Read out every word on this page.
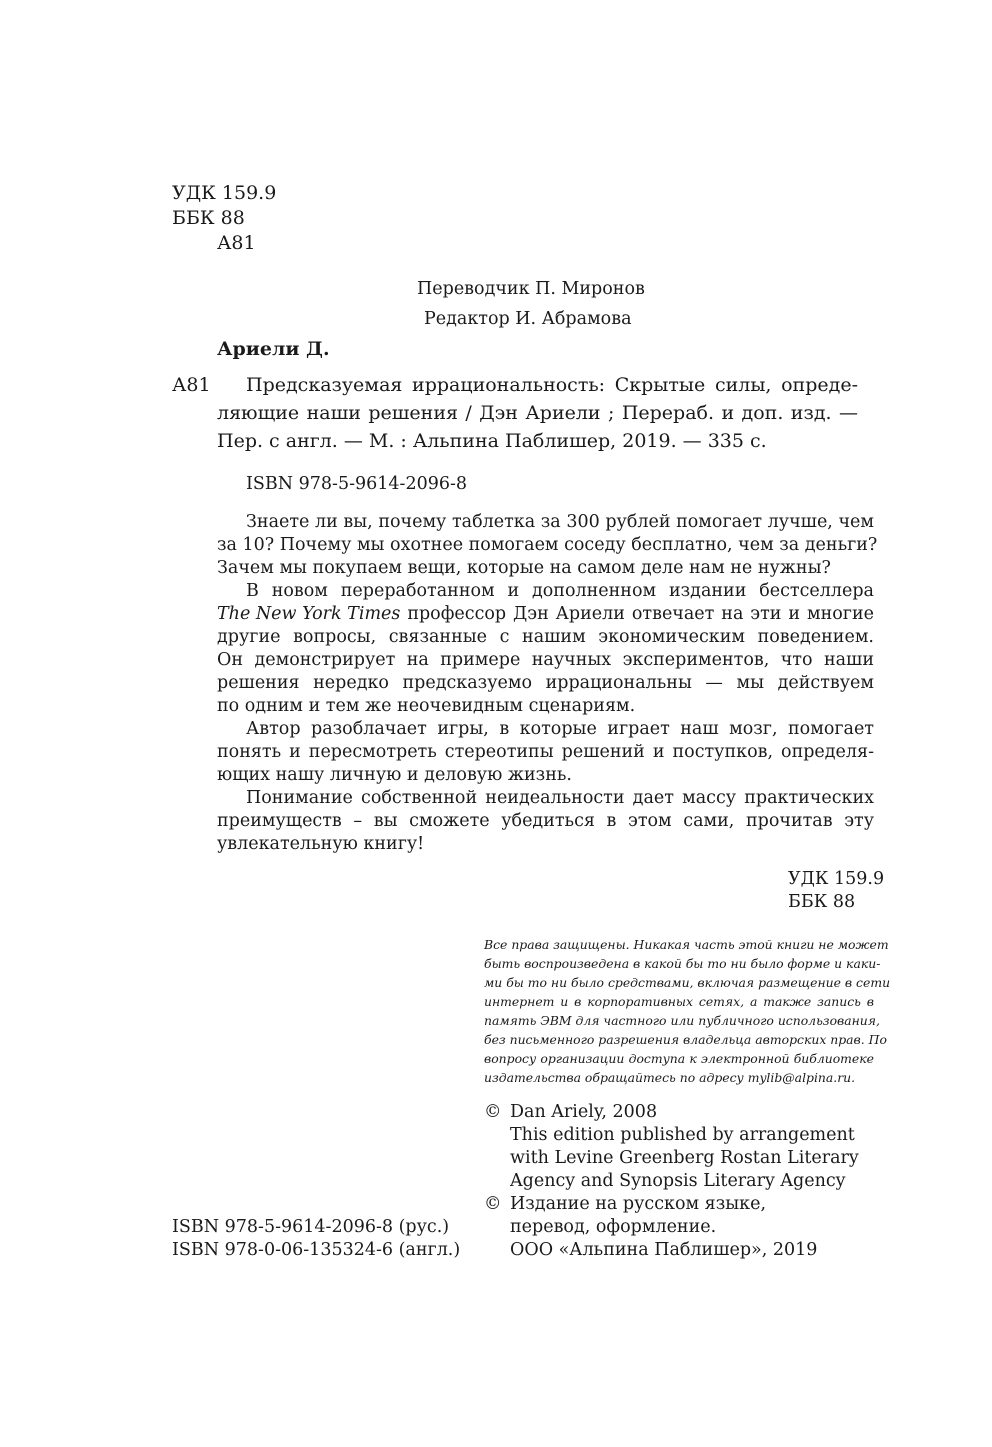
УДК 159.9
ББК 88
А81
Переводчик П. Миронов
Редактор И. Абрамова
Ариели Д.
А81 Предсказуемая иррациональность: Скрытые силы, опреде-
ляющие наши решения / Дэн Ариели ; Перераб. и доп. изд. —
Пер. с англ. — М. : Альпина Паблишер, 2019. — 335 с.
ISBN 978-5-9614-2096-8
Знаете ли вы, почему таблетка за 300 рублей помогает лучше, чем
за 10? Почему мы охотнее помогаем соседу бесплатно, чем за деньги?
Зачем мы покупаем вещи, которые на самом деле нам не нужны?
В новом переработанном и дополненном издании бестселлера
The New York Times профессор Дэн Ариели отвечает на эти и многие
другие вопросы, связанные с нашим экономическим поведением.
Он демонстрирует на примере научных экспериментов, что наши
решения нередко предсказуемо иррациональны — мы действуем
по одним и тем же неочевидным сценариям.
Автор разоблачает игры, в которые играет наш мозг, помогает
понять и пересмотреть стереотипы решений и поступков, определя-
ющих нашу личную и деловую жизнь.
Понимание собственной неидеальности дает массу практических
преимуществ – вы сможете убедиться в этом сами, прочитав эту
увлекательную книгу!
УДК 159.9
ББК 88
Все права защищены. Никакая часть этой книги не может
быть воспроизведена в какой бы то ни было форме и каки-
ми бы то ни было средствами, включая размещение в сети
интернет и в корпоративных сетях, а также запись в
память ЭВМ для частного или публичного использования,
без письменного разрешения владельца авторских прав. По
вопросу организации доступа к электронной библиотеке
издательства обращайтесь по адресу mylib@alpina.ru.
© Dan Ariely, 2008
This edition published by arrangement
with Levine Greenberg Rostan Literary
Agency and Synopsis Literary Agency
© Издание на русском языке,
перевод, оформление.
ООО «Альпина Паблишер», 2019
ISBN 978-5-9614-2096-8 (рус.)
ISBN 978-0-06-135324-6 (англ.)
